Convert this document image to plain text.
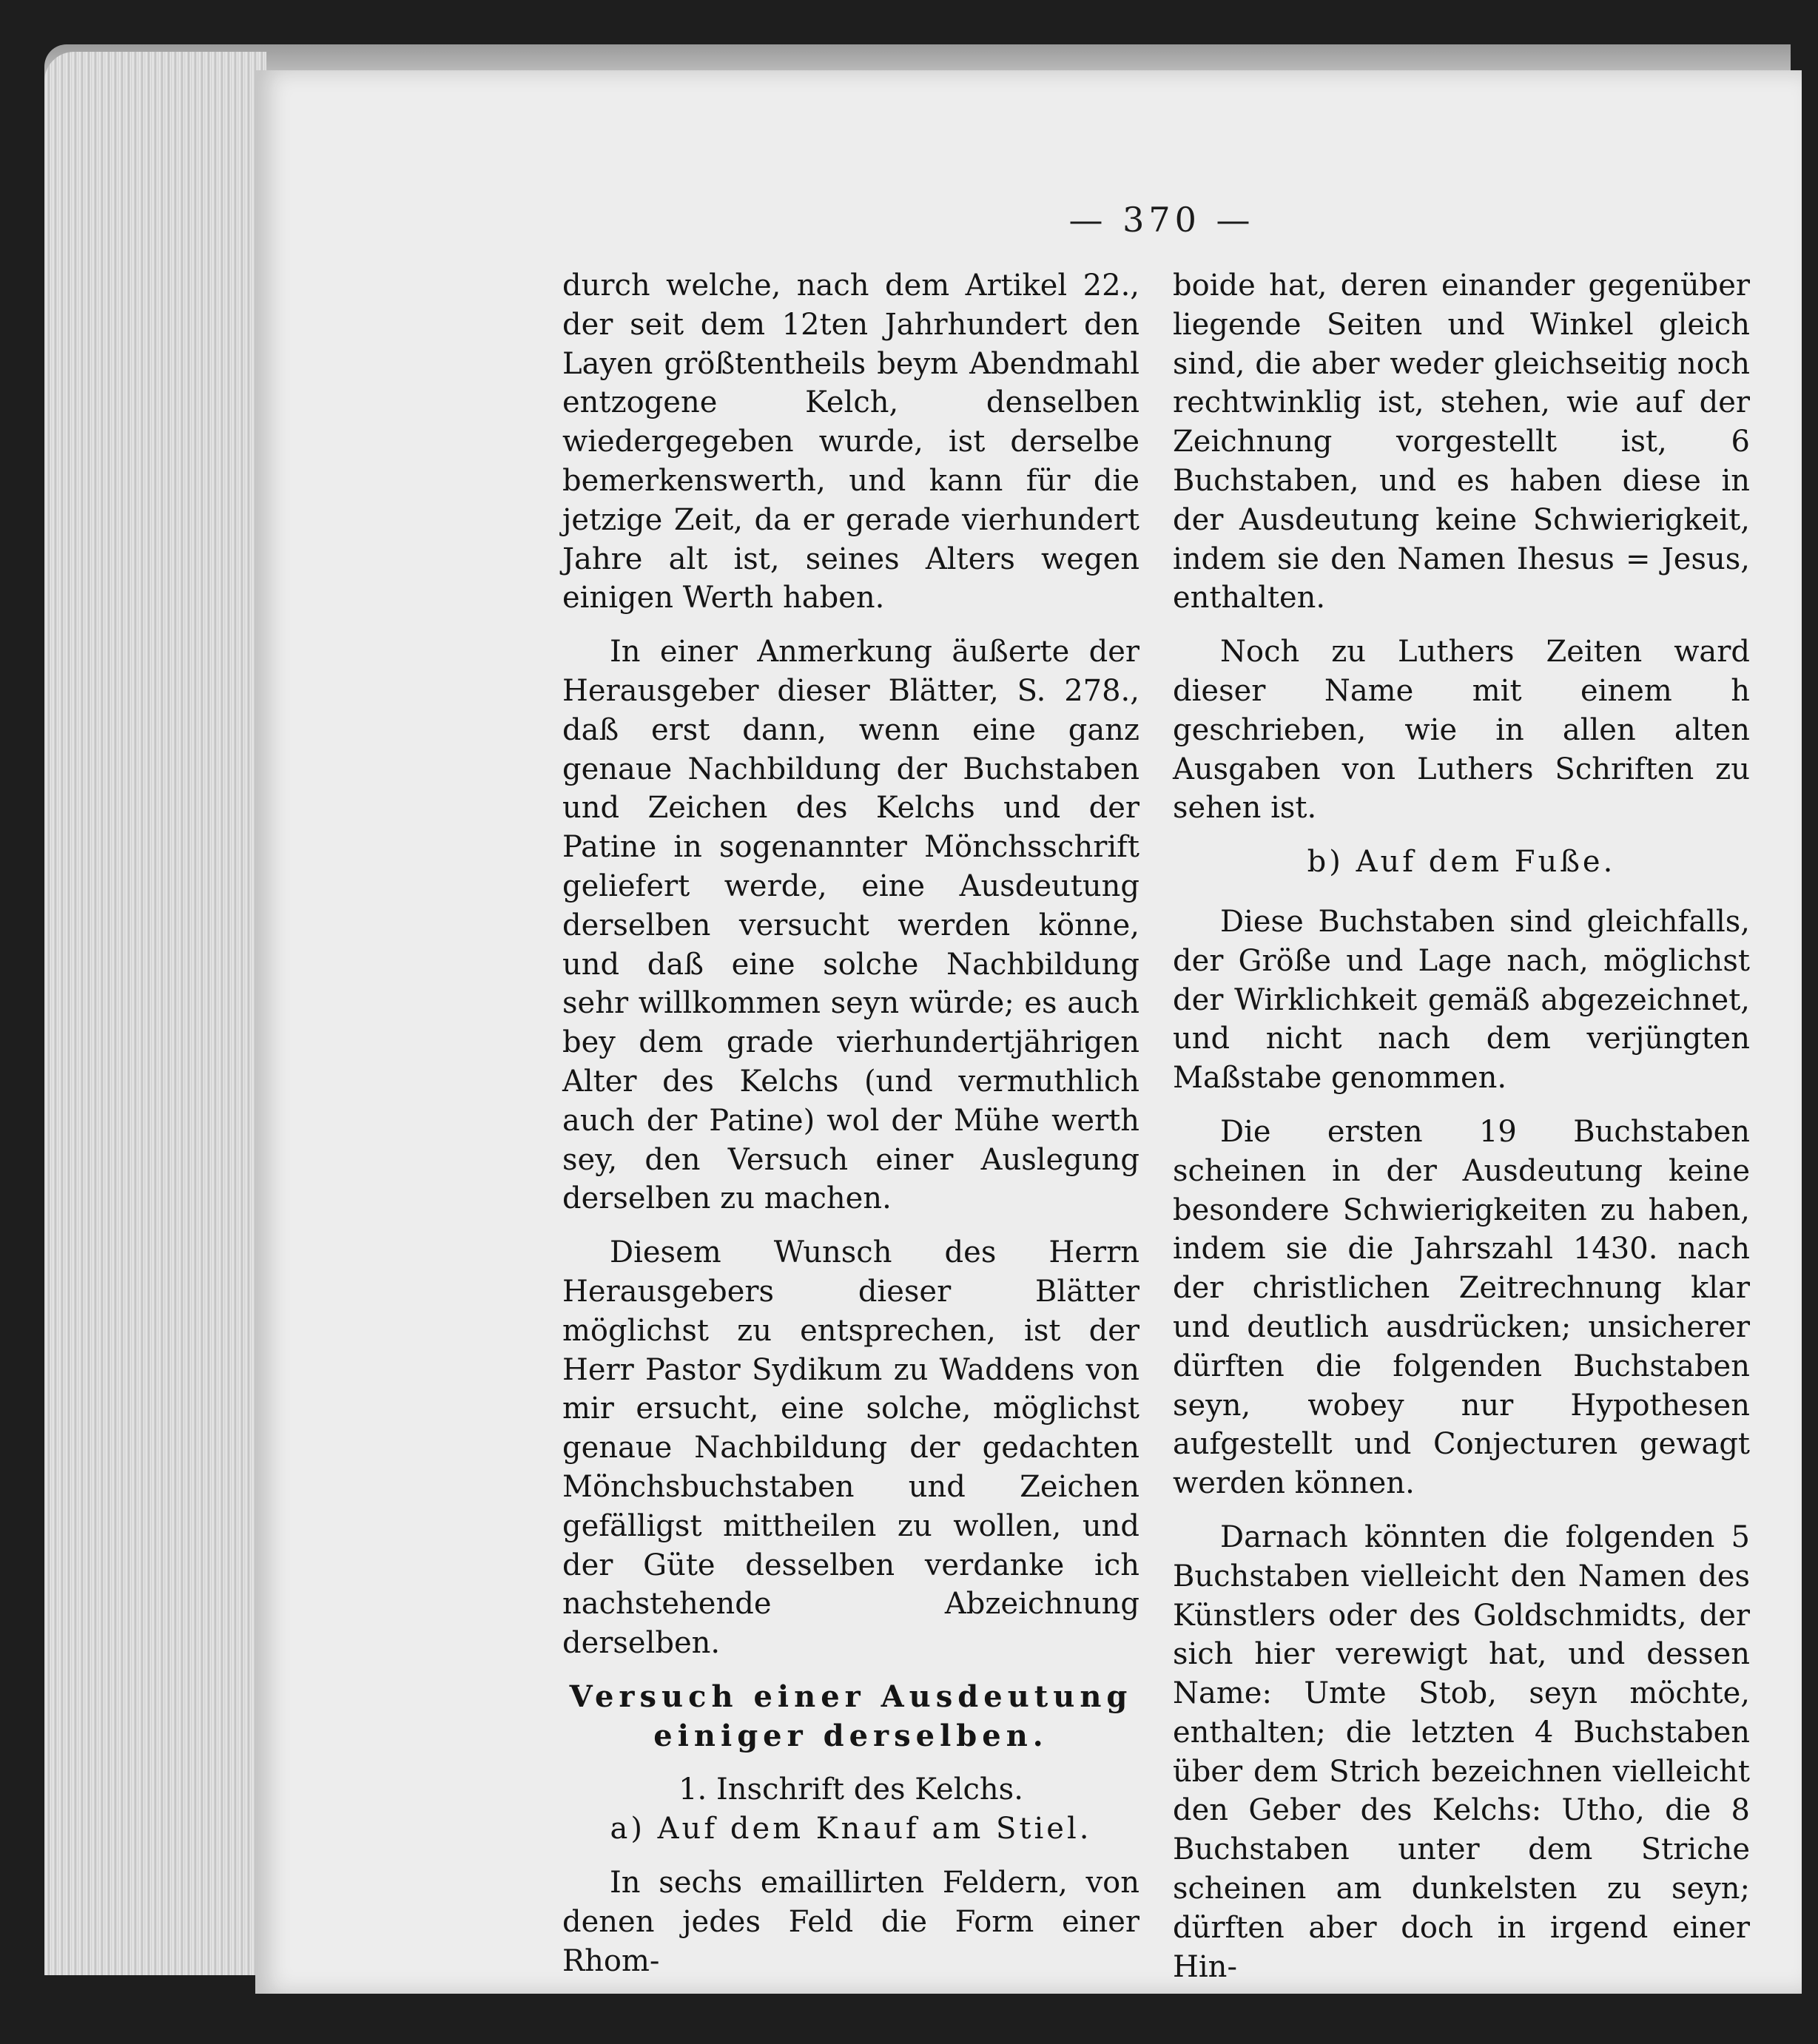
— 370 —

durch welche, nach dem Artikel 22., der seit dem 12ten Jahrhundert den Layen größtentheils beym Abendmahl entzogene Kelch, denselben wiedergegeben wurde, ist derselbe bemerkenswerth, und kann für die jetzige Zeit, da er gerade vierhundert Jahre alt ist, seines Alters wegen einigen Werth haben.

In einer Anmerkung äußerte der Herausgeber dieser Blätter, S. 278., daß erst dann, wenn eine ganz genaue Nachbildung der Buchstaben und Zeichen des Kelchs und der Patine in sogenannter Mönchsschrift geliefert werde, eine Ausdeutung derselben versucht werden könne, und daß eine solche Nachbildung sehr willkommen seyn würde; es auch bey dem grade vierhundertjährigen Alter des Kelchs (und vermuthlich auch der Patine) wol der Mühe werth sey, den Versuch einer Auslegung derselben zu machen.

Diesem Wunsch des Herrn Herausgebers dieser Blätter möglichst zu entsprechen, ist der Herr Pastor Sydikum zu Waddens von mir ersucht, eine solche, möglichst genaue Nachbildung der gedachten Mönchsbuchstaben und Zeichen gefälligst mittheilen zu wollen, und der Güte desselben verdanke ich nachstehende Abzeichnung derselben.

Versuch einer Ausdeutung einiger derselben.

1. Inschrift des Kelchs.

a) Auf dem Knauf am Stiel.

In sechs emaillirten Feldern, von denen jedes Feld die Form einer Rhom-

boide hat, deren einander gegenüber liegende Seiten und Winkel gleich sind, die aber weder gleichseitig noch rechtwinklig ist, stehen, wie auf der Zeichnung vorgestellt ist, 6 Buchstaben, und es haben diese in der Ausdeutung keine Schwierigkeit, indem sie den Namen Ihesus = Jesus, enthalten.

Noch zu Luthers Zeiten ward dieser Name mit einem h geschrieben, wie in allen alten Ausgaben von Luthers Schriften zu sehen ist.

b) Auf dem Fuße.

Diese Buchstaben sind gleichfalls, der Größe und Lage nach, möglichst der Wirklichkeit gemäß abgezeichnet, und nicht nach dem verjüngten Maßstabe genommen.

Die ersten 19 Buchstaben scheinen in der Ausdeutung keine besondere Schwierigkeiten zu haben, indem sie die Jahrszahl 1430. nach der christlichen Zeitrechnung klar und deutlich ausdrücken; unsicherer dürften die folgenden Buchstaben seyn, wobey nur Hypothesen aufgestellt und Conjecturen gewagt werden können.

Darnach könnten die folgenden 5 Buchstaben vielleicht den Namen des Künstlers oder des Goldschmidts, der sich hier verewigt hat, und dessen Name: Umte Stob, seyn möchte, enthalten; die letzten 4 Buchstaben über dem Strich bezeichnen vielleicht den Geber des Kelchs: Utho, die 8 Buchstaben unter dem Striche scheinen am dunkelsten zu seyn; dürften aber doch in irgend einer Hin-
